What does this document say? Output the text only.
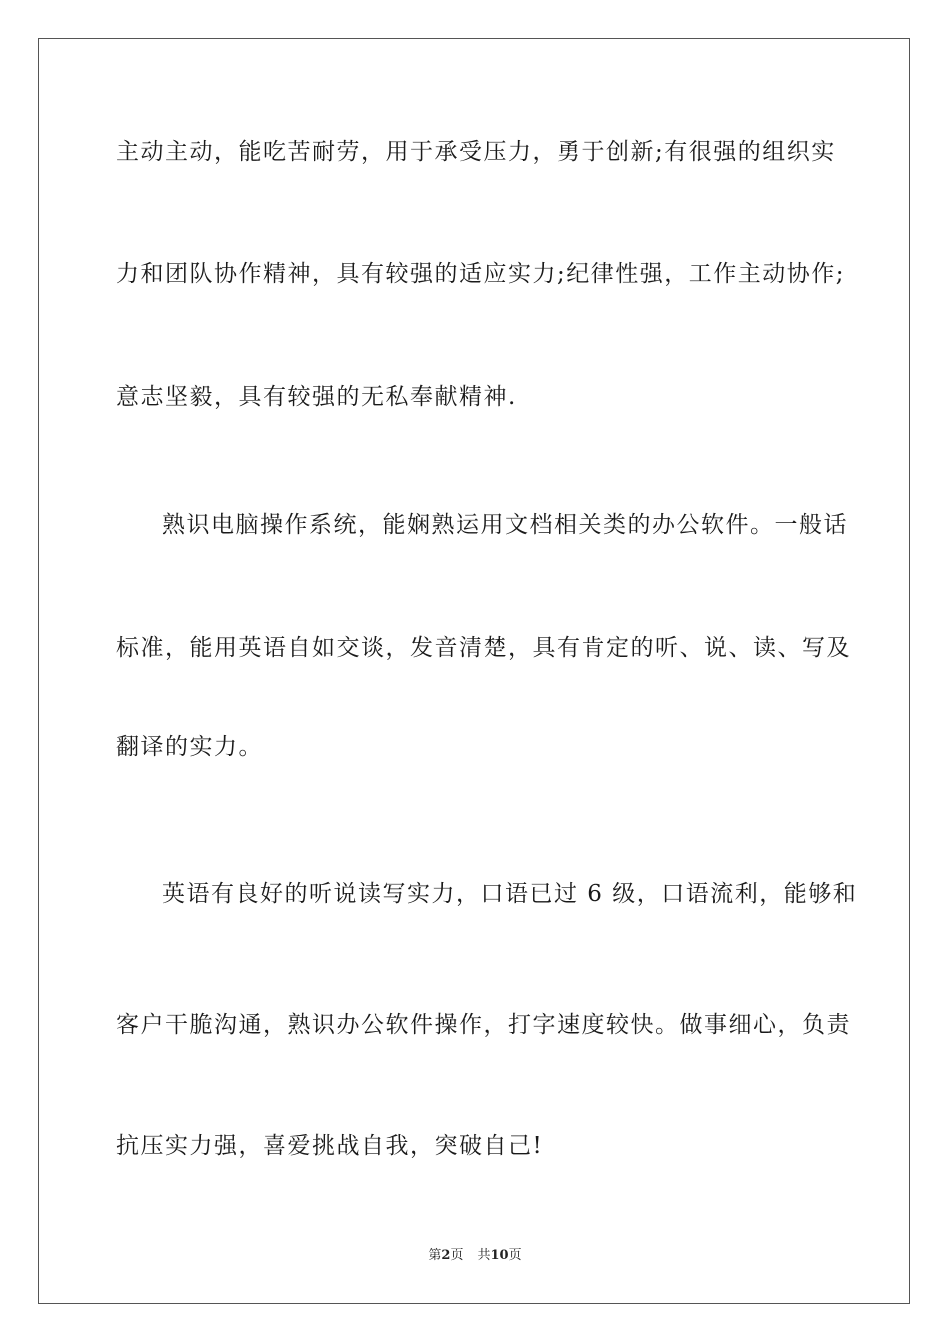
主动主动，能吃苦耐劳，用于承受压力，勇于创新;有很强的组织实
力和团队协作精神，具有较强的适应实力;纪律性强，工作主动协作;
意志坚毅，具有较强的无私奉献精神.
熟识电脑操作系统，能娴熟运用文档相关类的办公软件。一般话
标准，能用英语自如交谈，发音清楚，具有肯定的听、说、读、写及
翻译的实力。
英语有良好的听说读写实力，口语已过 6 级，口语流利，能够和
客户干脆沟通，熟识办公软件操作，打字速度较快。做事细心，负责
抗压实力强，喜爱挑战自我，突破自己!
第2页 共10页
